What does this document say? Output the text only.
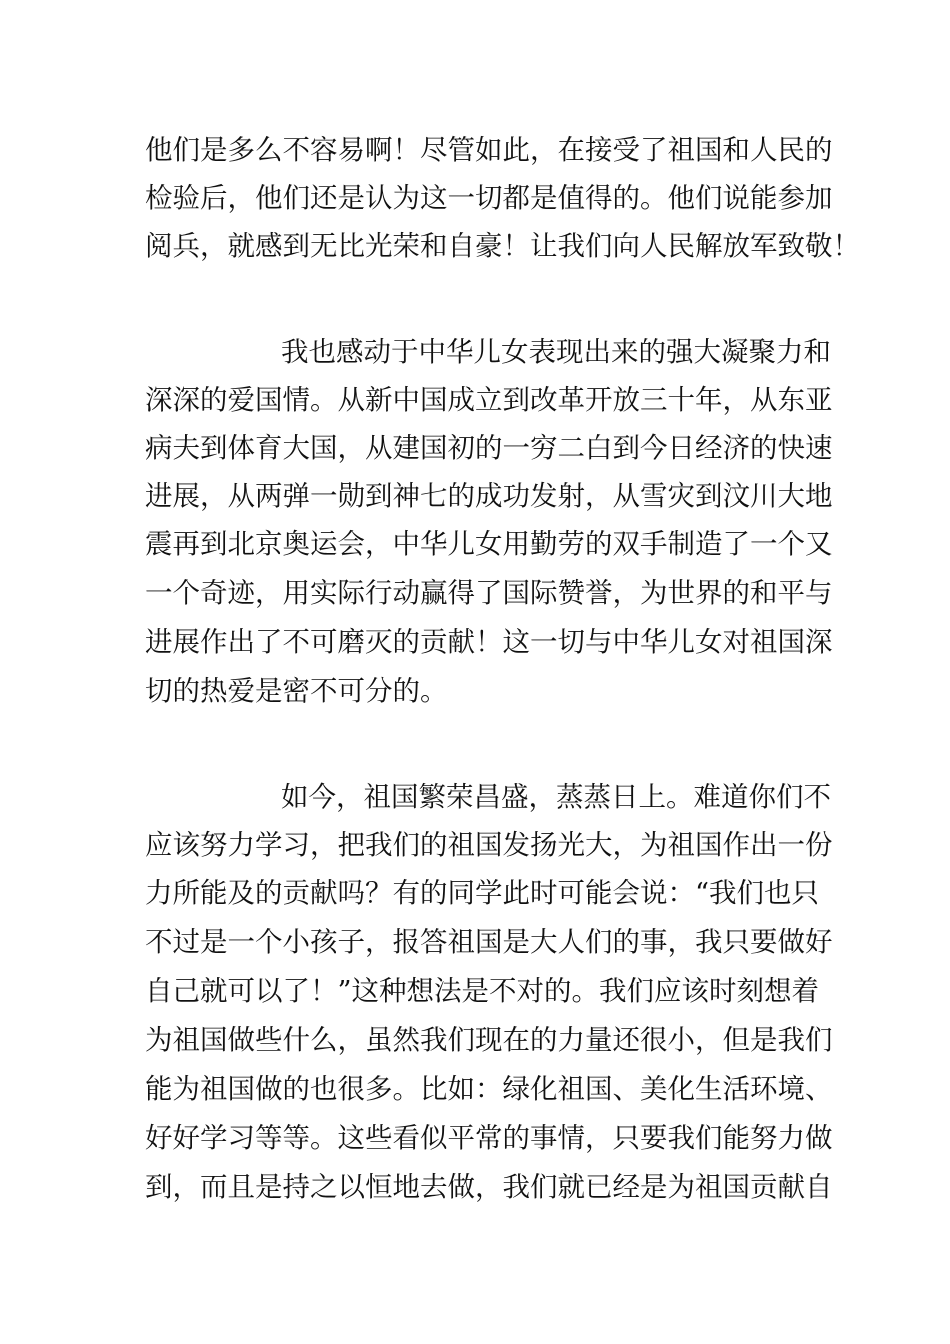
他们是多么不容易啊！尽管如此，在接受了祖国和人民的

检验后，他们还是认为这一切都是值得的。他们说能参加

阅兵，就感到无比光荣和自豪！让我们向人民解放军致敬！

我也感动于中华儿女表现出来的强大凝聚力和

深深的爱国情。从新中国成立到改革开放三十年，从东亚

病夫到体育大国，从建国初的一穷二白到今日经济的快速

进展，从两弹一勋到神七的成功发射，从雪灾到汶川大地

震再到北京奥运会，中华儿女用勤劳的双手制造了一个又

一个奇迹，用实际行动赢得了国际赞誉，为世界的和平与

进展作出了不可磨灭的贡献！这一切与中华儿女对祖国深

切的热爱是密不可分的。

如今，祖国繁荣昌盛，蒸蒸日上。难道你们不

应该努力学习，把我们的祖国发扬光大，为祖国作出一份

力所能及的贡献吗？有的同学此时可能会说：“我们也只

不过是一个小孩子，报答祖国是大人们的事，我只要做好

自己就可以了！”这种想法是不对的。我们应该时刻想着

为祖国做些什么，虽然我们现在的力量还很小，但是我们

能为祖国做的也很多。比如：绿化祖国、美化生活环境、

好好学习等等。这些看似平常的事情，只要我们能努力做

到，而且是持之以恒地去做，我们就已经是为祖国贡献自
